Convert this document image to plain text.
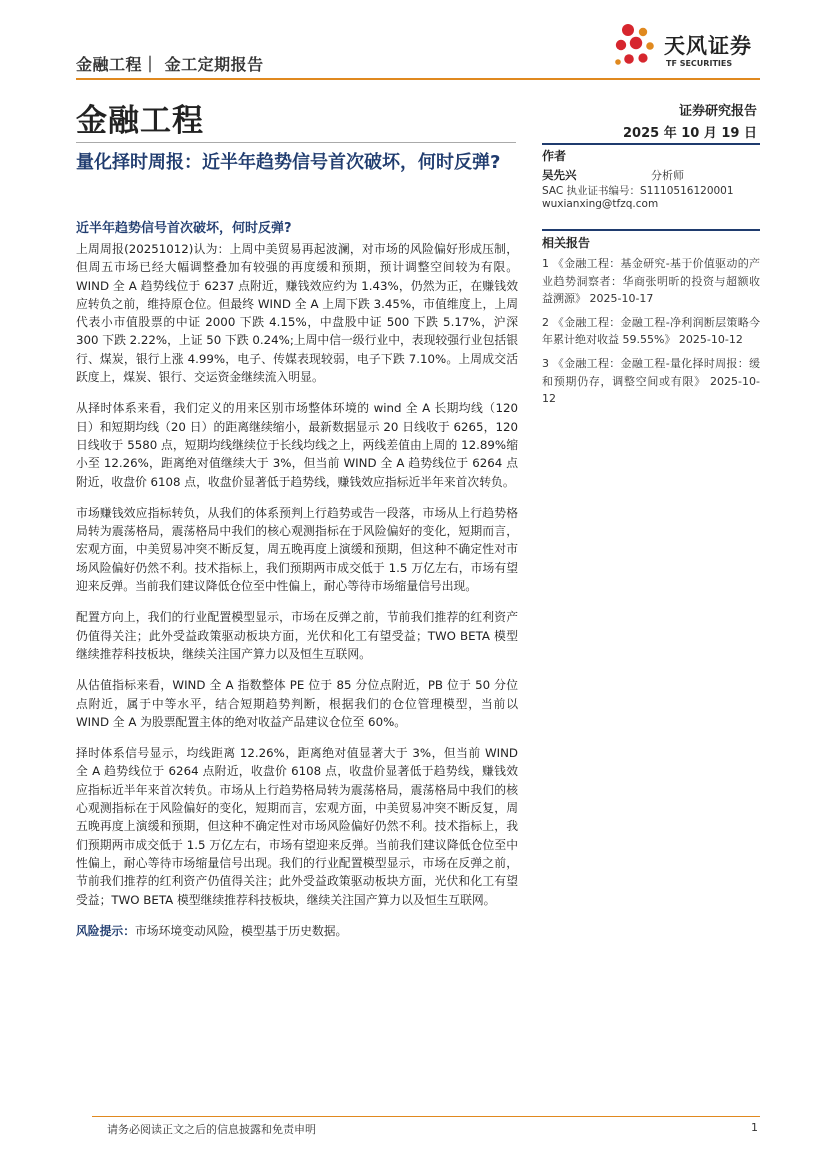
金融工程｜ 金工定期报告
天风证券
TF SECURITIES
金融工程	证券研究报告
2025 年 10 月 19 日
量化择时周报：近半年趋势信号首次破坏，何时反弹?
近半年趋势信号首次破坏，何时反弹?

上周周报(20251012)认为：上周中美贸易再起波澜，对市场的风险偏好形成压制，但周五市场已经大幅调整叠加有较强的再度缓和预期，预计调整空间较为有限。WIND 全 A 趋势线位于 6237 点附近，赚钱效应约为 1.43%，仍然为正，在赚钱效应转负之前，维持原仓位。但最终 WIND 全 A 上周下跌 3.45%，市值维度上，上周代表小市值股票的中证 2000 下跌 4.15%，中盘股中证 500 下跌 5.17%，沪深 300 下跌 2.22%，上证 50 下跌 0.24%;上周中信一级行业中，表现较强行业包括银行、煤炭，银行上涨 4.99%，电子、传媒表现较弱，电子下跌 7.10%。上周成交活跃度上，煤炭、银行、交运资金继续流入明显。

从择时体系来看，我们定义的用来区别市场整体环境的 wind 全 A 长期均线（120 日）和短期均线（20 日）的距离继续缩小，最新数据显示 20 日线收于 6265，120 日线收于 5580 点，短期均线继续位于长线均线之上，两线差值由上周的 12.89%缩小至 12.26%，距离绝对值继续大于 3%，但当前 WIND 全 A 趋势线位于 6264 点附近，收盘价 6108 点，收盘价显著低于趋势线，赚钱效应指标近半年来首次转负。

市场赚钱效应指标转负，从我们的体系预判上行趋势或告一段落，市场从上行趋势格局转为震荡格局，震荡格局中我们的核心观测指标在于风险偏好的变化，短期而言，宏观方面，中美贸易冲突不断反复，周五晚再度上演缓和预期，但这种不确定性对市场风险偏好仍然不利。技术指标上，我们预期两市成交低于 1.5 万亿左右，市场有望迎来反弹。当前我们建议降低仓位至中性偏上，耐心等待市场缩量信号出现。

配置方向上，我们的行业配置模型显示，市场在反弹之前，节前我们推荐的红利资产仍值得关注；此外受益政策驱动板块方面，光伏和化工有望受益；TWO BETA 模型继续推荐科技板块，继续关注国产算力以及恒生互联网。

从估值指标来看，WIND 全 A 指数整体 PE 位于 85 分位点附近，PB 位于 50 分位点附近，属于中等水平，结合短期趋势判断，根据我们的仓位管理模型，当前以 WIND 全 A 为股票配置主体的绝对收益产品建议仓位至 60%。

择时体系信号显示，均线距离 12.26%，距离绝对值显著大于 3%，但当前 WIND 全 A 趋势线位于 6264 点附近，收盘价 6108 点，收盘价显著低于趋势线，赚钱效应指标近半年来首次转负。市场从上行趋势格局转为震荡格局，震荡格局中我们的核心观测指标在于风险偏好的变化，短期而言，宏观方面，中美贸易冲突不断反复，周五晚再度上演缓和预期，但这种不确定性对市场风险偏好仍然不利。技术指标上，我们预期两市成交低于 1.5 万亿左右，市场有望迎来反弹。当前我们建议降低仓位至中性偏上，耐心等待市场缩量信号出现。我们的行业配置模型显示，市场在反弹之前，节前我们推荐的红利资产仍值得关注；此外受益政策驱动板块方面，光伏和化工有望受益；TWO BETA 模型继续推荐科技板块，继续关注国产算力以及恒生互联网。

风险提示：市场环境变动风险，模型基于历史数据。

作者
吴先兴	分析师
SAC 执业证书编号：S1110516120001
wuxianxing@tfzq.com
相关报告

1 《金融工程：基金研究-基于价值驱动的产业趋势洞察者：华商张明昕的投资与超额收益溯源》 2025-10-17

2 《金融工程：金融工程-净利润断层策略今年累计绝对收益 59.55%》 2025-10-12

3 《金融工程：金融工程-量化择时周报：缓和预期仍存，调整空间或有限》 2025-10-12

请务必阅读正文之后的信息披露和免责申明	1
